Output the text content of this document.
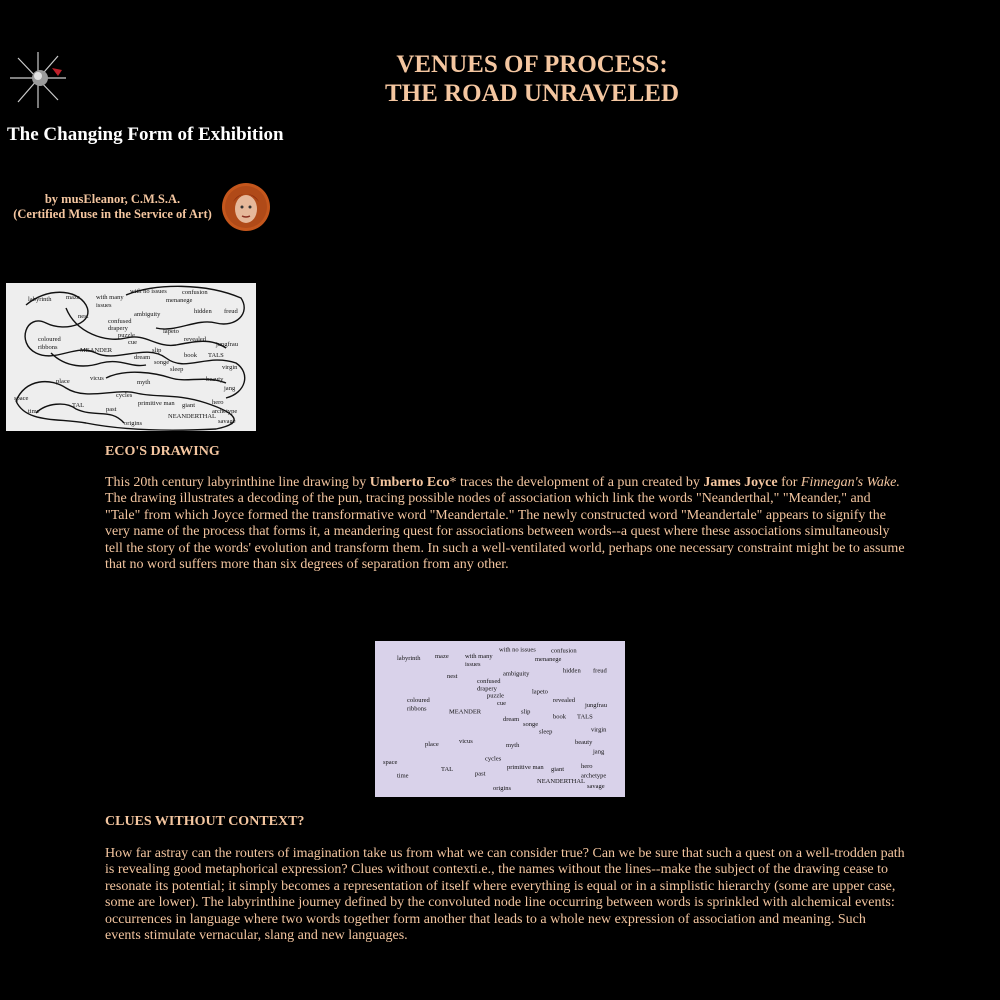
VENUES OF PROCESS:
THE ROAD UNRAVELED
The Changing Form of Exhibition
by musEleanor, C.M.S.A.
(Certified Muse in the Service of Art)
labyrinth maze	with many
issues
with no issues confusion
menanege
nest
confused
drapery
ambiguity	hidden freud
puzzle
lapeto
cue	revealed
jungfrau
coloured
ribbons	MEANDER	slip
dream
songe
book TALS
sleep	virgin
beauty
place	vicus
myth
jang
space	cycles
hero
time
TAL
past
primitive man giant
archetype
origins
NEANDERTHAL
savage
ECO'S DRAWING
This 20th century labyrinthine line drawing by Umberto Eco* traces the development of a pun created by James Joyce for Finnegan's Wake. The drawing illustrates a decoding of the pun, tracing possible nodes of association which link the words "Neanderthal," "Meander," and "Tale" from which Joyce formed the transformative word "Meandertale." The newly constructed word "Meandertale" appears to signify the very name of the process that forms it, a meandering quest for associations between words--a quest where these associations simultaneously tell the story of the words' evolution and transform them. In such a well-ventilated world, perhaps one necessary constraint might be to assume that no word suffers more than six degrees of separation from any other.
labyrinth maze	with many
issues
with no issues confusion
menanege
nest
confused
drapery
ambiguity	hidden freud
puzzle
lapeto
cue	revealed
jungfrau
coloured
ribbons	MEANDER	slip
dream
songe
book TALS
sleep	virgin
beauty
place	vicus
myth
jang
space	cycles
hero
time
TAL
past
primitive man giant
archetype
origins
NEANDERTHAL
savage
CLUES WITHOUT CONTEXT?
How far astray can the routers of imagination take us from what we can consider true? Can we be sure that such a quest on a well-trodden path is revealing good metaphorical expression? Clues without contexti.e., the names without the lines--make the subject of the drawing cease to resonate its potential; it simply becomes a representation of itself where everything is equal or in a simplistic hierarchy (some are upper case, some are lower). The labyrinthine journey defined by the convoluted node line occurring between words is sprinkled with alchemical events: occurrences in language where two words together form another that leads to a whole new expression of association and meaning. Such events stimulate vernacular, slang and new languages.
